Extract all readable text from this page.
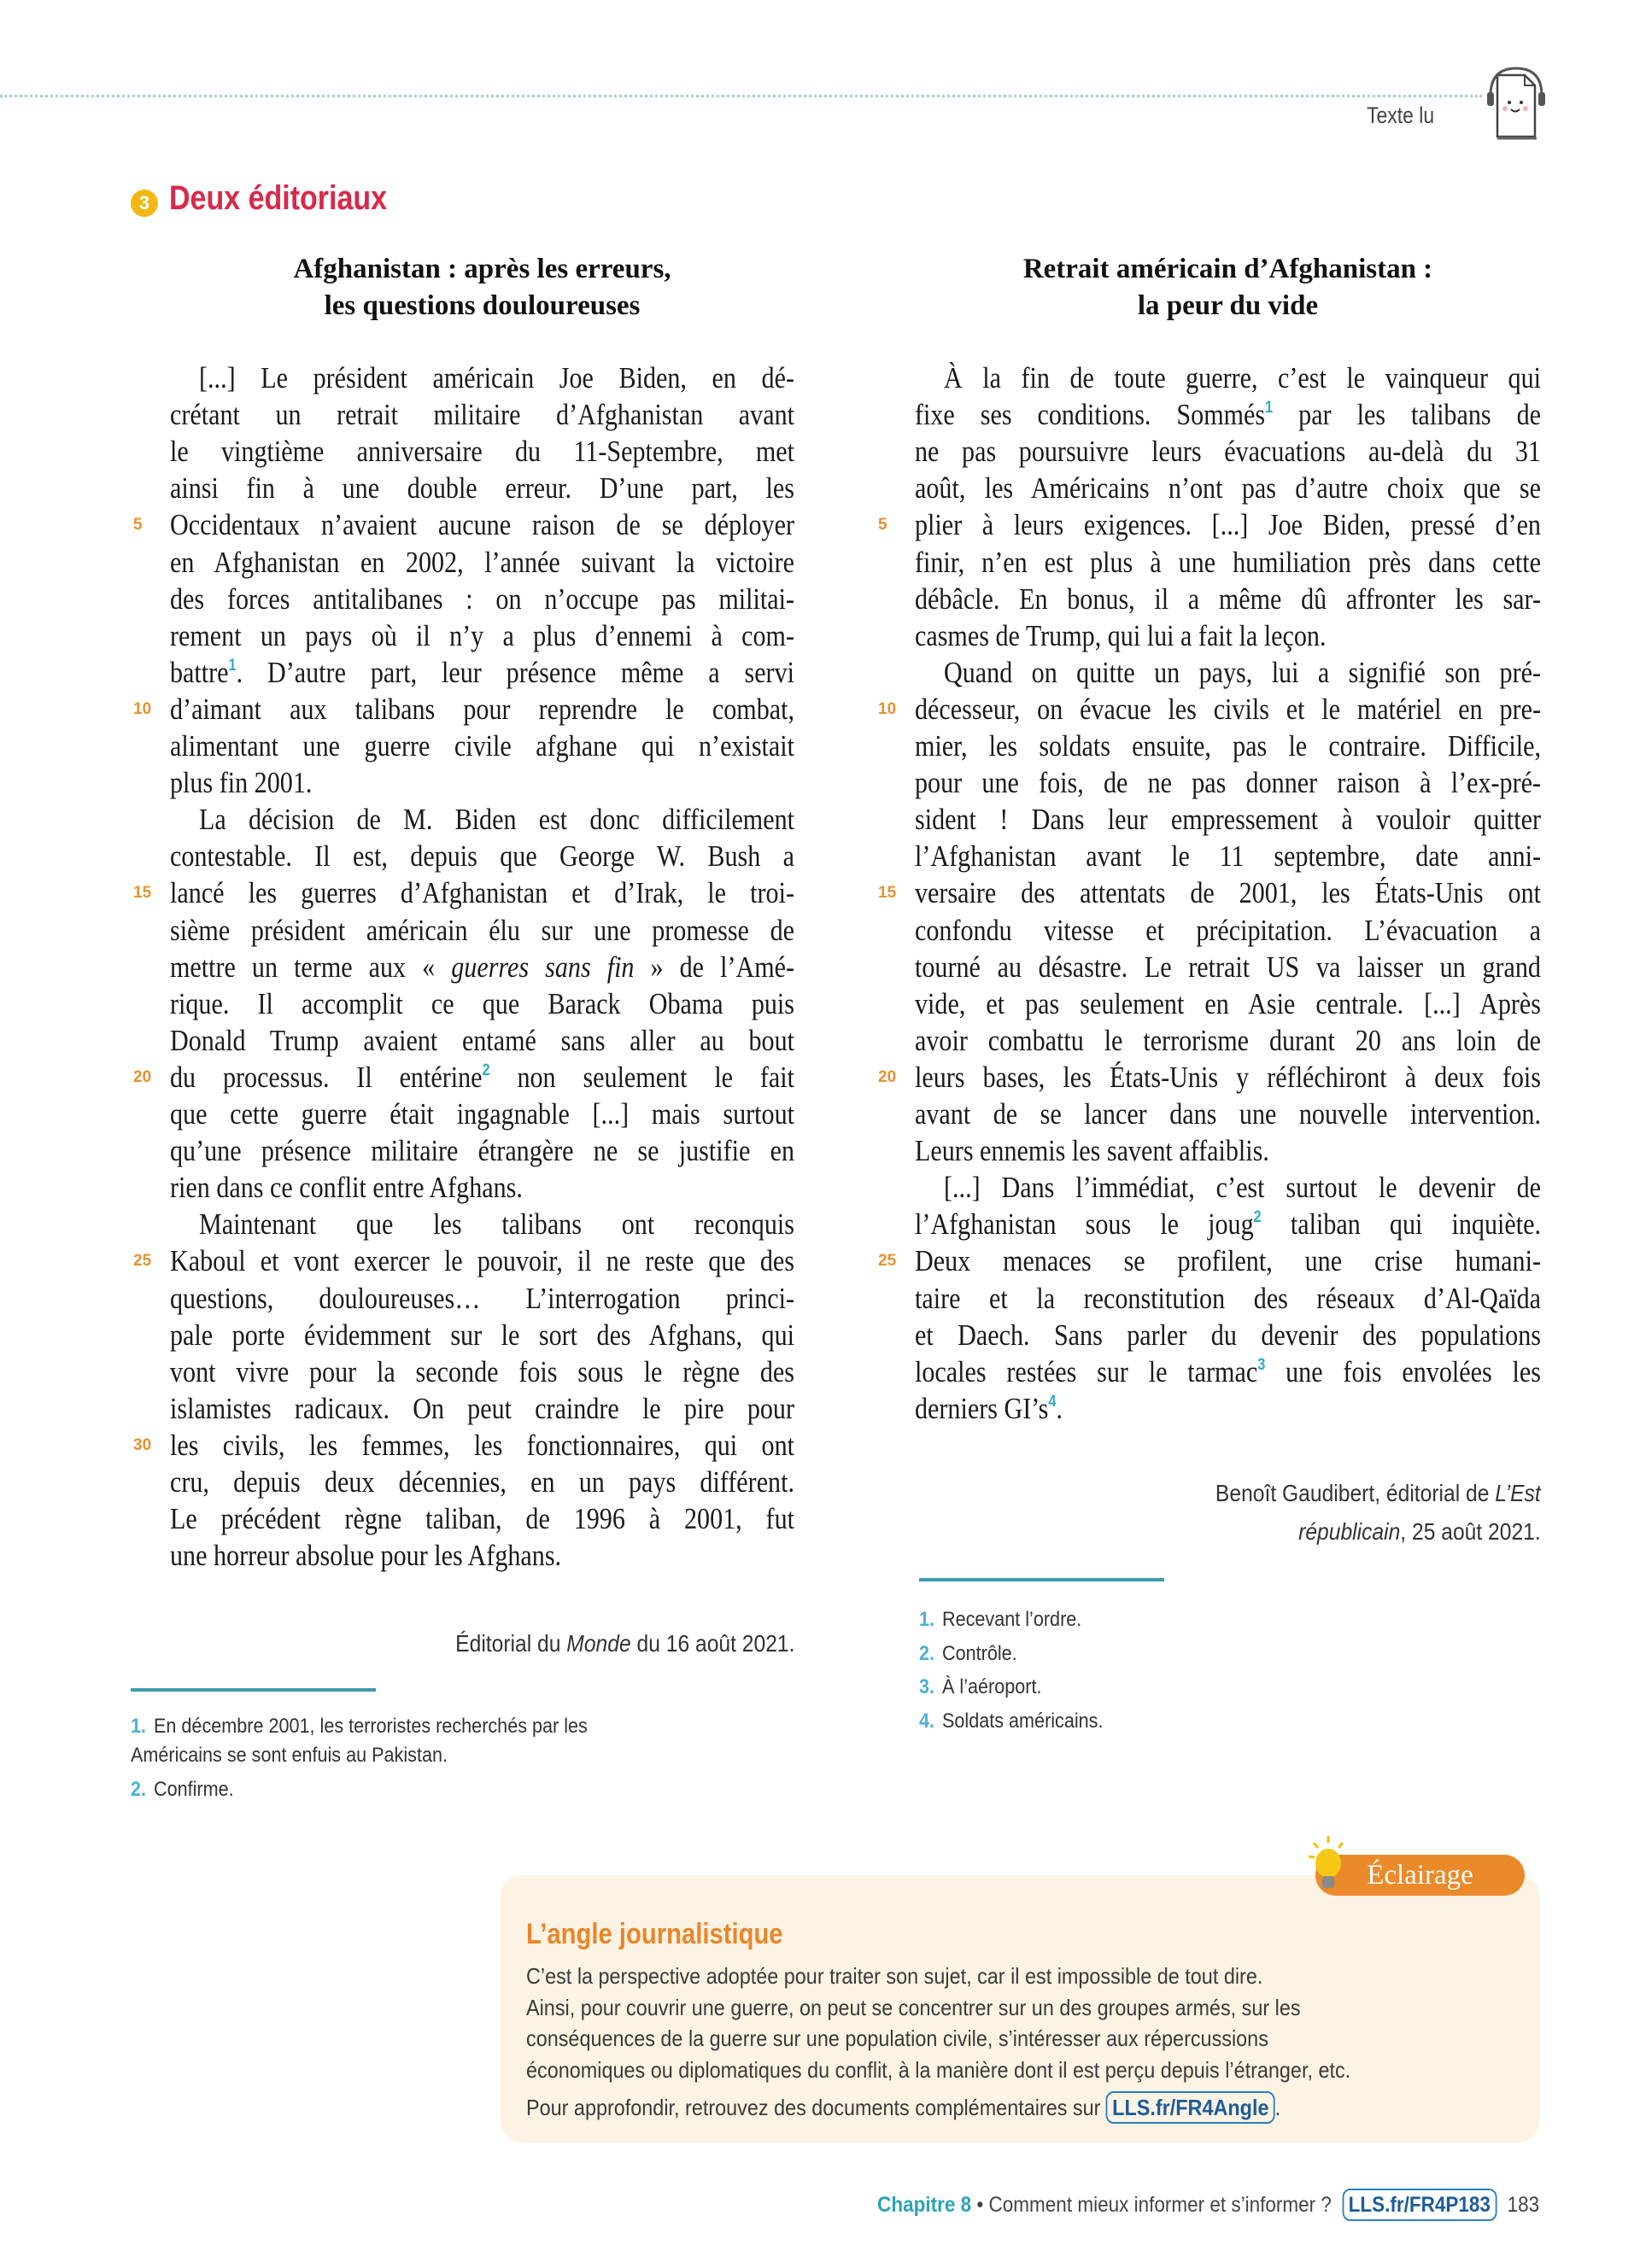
Texte lu
3 Deux éditoriaux
Afghanistan : après les erreurs,
les questions douloureuses
Retrait américain d’Afghanistan :
la peur du vide
[...] Le président américain Joe Biden, en dé-
crétant un retrait militaire d’Afghanistan avant
le vingtième anniversaire du 11-Septembre, met
ainsi fin à une double erreur. D’une part, les
Occidentaux n’avaient aucune raison de se déployer
en Afghanistan en 2002, l’année suivant la victoire
des forces antitalibanes : on n’occupe pas militai-
rement un pays où il n’y a plus d’ennemi à com-
battre$^1$. D’autre part, leur présence même a servi
d’aimant aux talibans pour reprendre le combat,
alimentant une guerre civile afghane qui n’existait
plus fin 2001.
La décision de M. Biden est donc difficilement
contestable. Il est, depuis que George W. Bush a
lancé les guerres d’Afghanistan et d’Irak, le troi-
sième président américain élu sur une promesse de
mettre un terme aux « guerres sans fin » de l’Amé-
rique. Il accomplit ce que Barack Obama puis
Donald Trump avaient entamé sans aller au bout
du processus. Il entérine$^2$ non seulement le fait
que cette guerre était ingagnable [...] mais surtout
qu’une présence militaire étrangère ne se justifie en
rien dans ce conflit entre Afghans.
Maintenant que les talibans ont reconquis
Kaboul et vont exercer le pouvoir, il ne reste que des
questions, douloureuses… L’interrogation princi-
pale porte évidemment sur le sort des Afghans, qui
vont vivre pour la seconde fois sous le règne des
islamistes radicaux. On peut craindre le pire pour
les civils, les femmes, les fonctionnaires, qui ont
cru, depuis deux décennies, en un pays différent.
Le précédent règne taliban, de 1996 à 2001, fut
une horreur absolue pour les Afghans.
5
10
15
20
25
30
À la fin de toute guerre, c’est le vainqueur qui
fixe ses conditions. Sommés$^1$ par les talibans de
ne pas poursuivre leurs évacuations au-delà du 31
août, les Américains n’ont pas d’autre choix que se
plier à leurs exigences. [...] Joe Biden, pressé d’en
finir, n’en est plus à une humiliation près dans cette
débâcle. En bonus, il a même dû affronter les sar-
casmes de Trump, qui lui a fait la leçon.
Quand on quitte un pays, lui a signifié son pré-
décesseur, on évacue les civils et le matériel en pre-
mier, les soldats ensuite, pas le contraire. Difficile,
pour une fois, de ne pas donner raison à l’ex-pré-
sident ! Dans leur empressement à vouloir quitter
l’Afghanistan avant le 11 septembre, date anni-
versaire des attentats de 2001, les États-Unis ont
confondu vitesse et précipitation. L’évacuation a
tourné au désastre. Le retrait US va laisser un grand
vide, et pas seulement en Asie centrale. [...] Après
avoir combattu le terrorisme durant 20 ans loin de
leurs bases, les États-Unis y réfléchiront à deux fois
avant de se lancer dans une nouvelle intervention.
Leurs ennemis les savent affaiblis.
[...] Dans l’immédiat, c’est surtout le devenir de
l’Afghanistan sous le joug$^2$ taliban qui inquiète.
Deux menaces se profilent, une crise humani-
taire et la reconstitution des réseaux d’Al-Qaïda
et Daech. Sans parler du devenir des populations
locales restées sur le tarmac$^3$ une fois envolées les
derniers $GI’s^4$.
5
10
15
20
25
Éditorial du Monde du 16 août 2021.
Benoît Gaudibert, éditorial de L’Est
républicain, 25 août 2021.
1. En décembre 2001, les terroristes recherchés par les
Américains se sont enfuis au Pakistan.
2. Confirme.
1. Recevant l’ordre.
2. Contrôle.
3. À l’aéroport.
4. Soldats américains.
Éclairage
L’angle journalistique
C’est la perspective adoptée pour traiter son sujet, car il est impossible de tout dire.
Ainsi, pour couvrir une guerre, on peut se concentrer sur un des groupes armés, sur les
conséquences de la guerre sur une population civile, s’intéresser aux répercussions
économiques ou diplomatiques du conflit, à la manière dont il est perçu depuis l’étranger, etc.
Pour approfondir, retrouvez des documents complémentaires sur LLS.fr/FR4Angle .
Chapitre 8 • Comment mieux informer et s’informer ? LLS.fr/FR4P183 183
